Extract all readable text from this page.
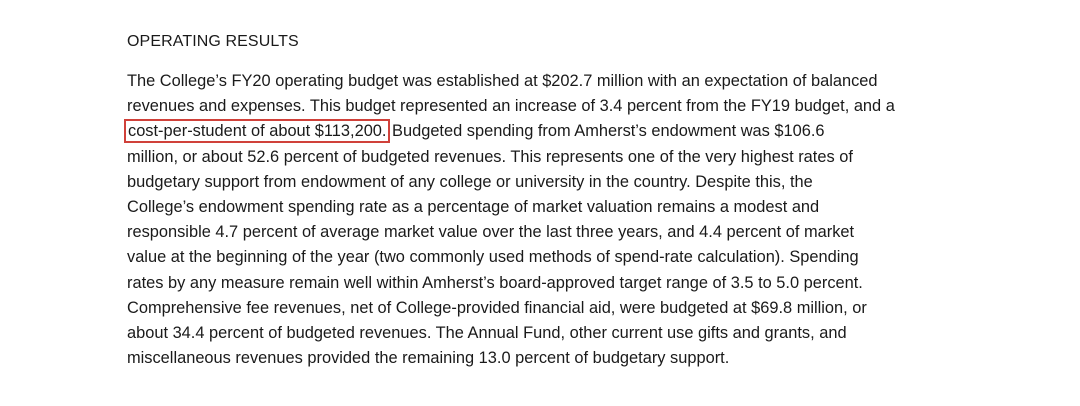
OPERATING RESULTS
The College’s FY20 operating budget was established at $202.7 million with an expectation of balanced
revenues and expenses. This budget represented an increase of 3.4 percent from the FY19 budget, and a
cost-per-student of about $113,200. Budgeted spending from Amherst’s endowment was $106.6
million, or about 52.6 percent of budgeted revenues. This represents one of the very highest rates of
budgetary support from endowment of any college or university in the country. Despite this, the
College’s endowment spending rate as a percentage of market valuation remains a modest and
responsible 4.7 percent of average market value over the last three years, and 4.4 percent of market
value at the beginning of the year (two commonly used methods of spend-rate calculation). Spending
rates by any measure remain well within Amherst’s board-approved target range of 3.5 to 5.0 percent.
Comprehensive fee revenues, net of College-provided financial aid, were budgeted at $69.8 million, or
about 34.4 percent of budgeted revenues. The Annual Fund, other current use gifts and grants, and
miscellaneous revenues provided the remaining 13.0 percent of budgetary support.
